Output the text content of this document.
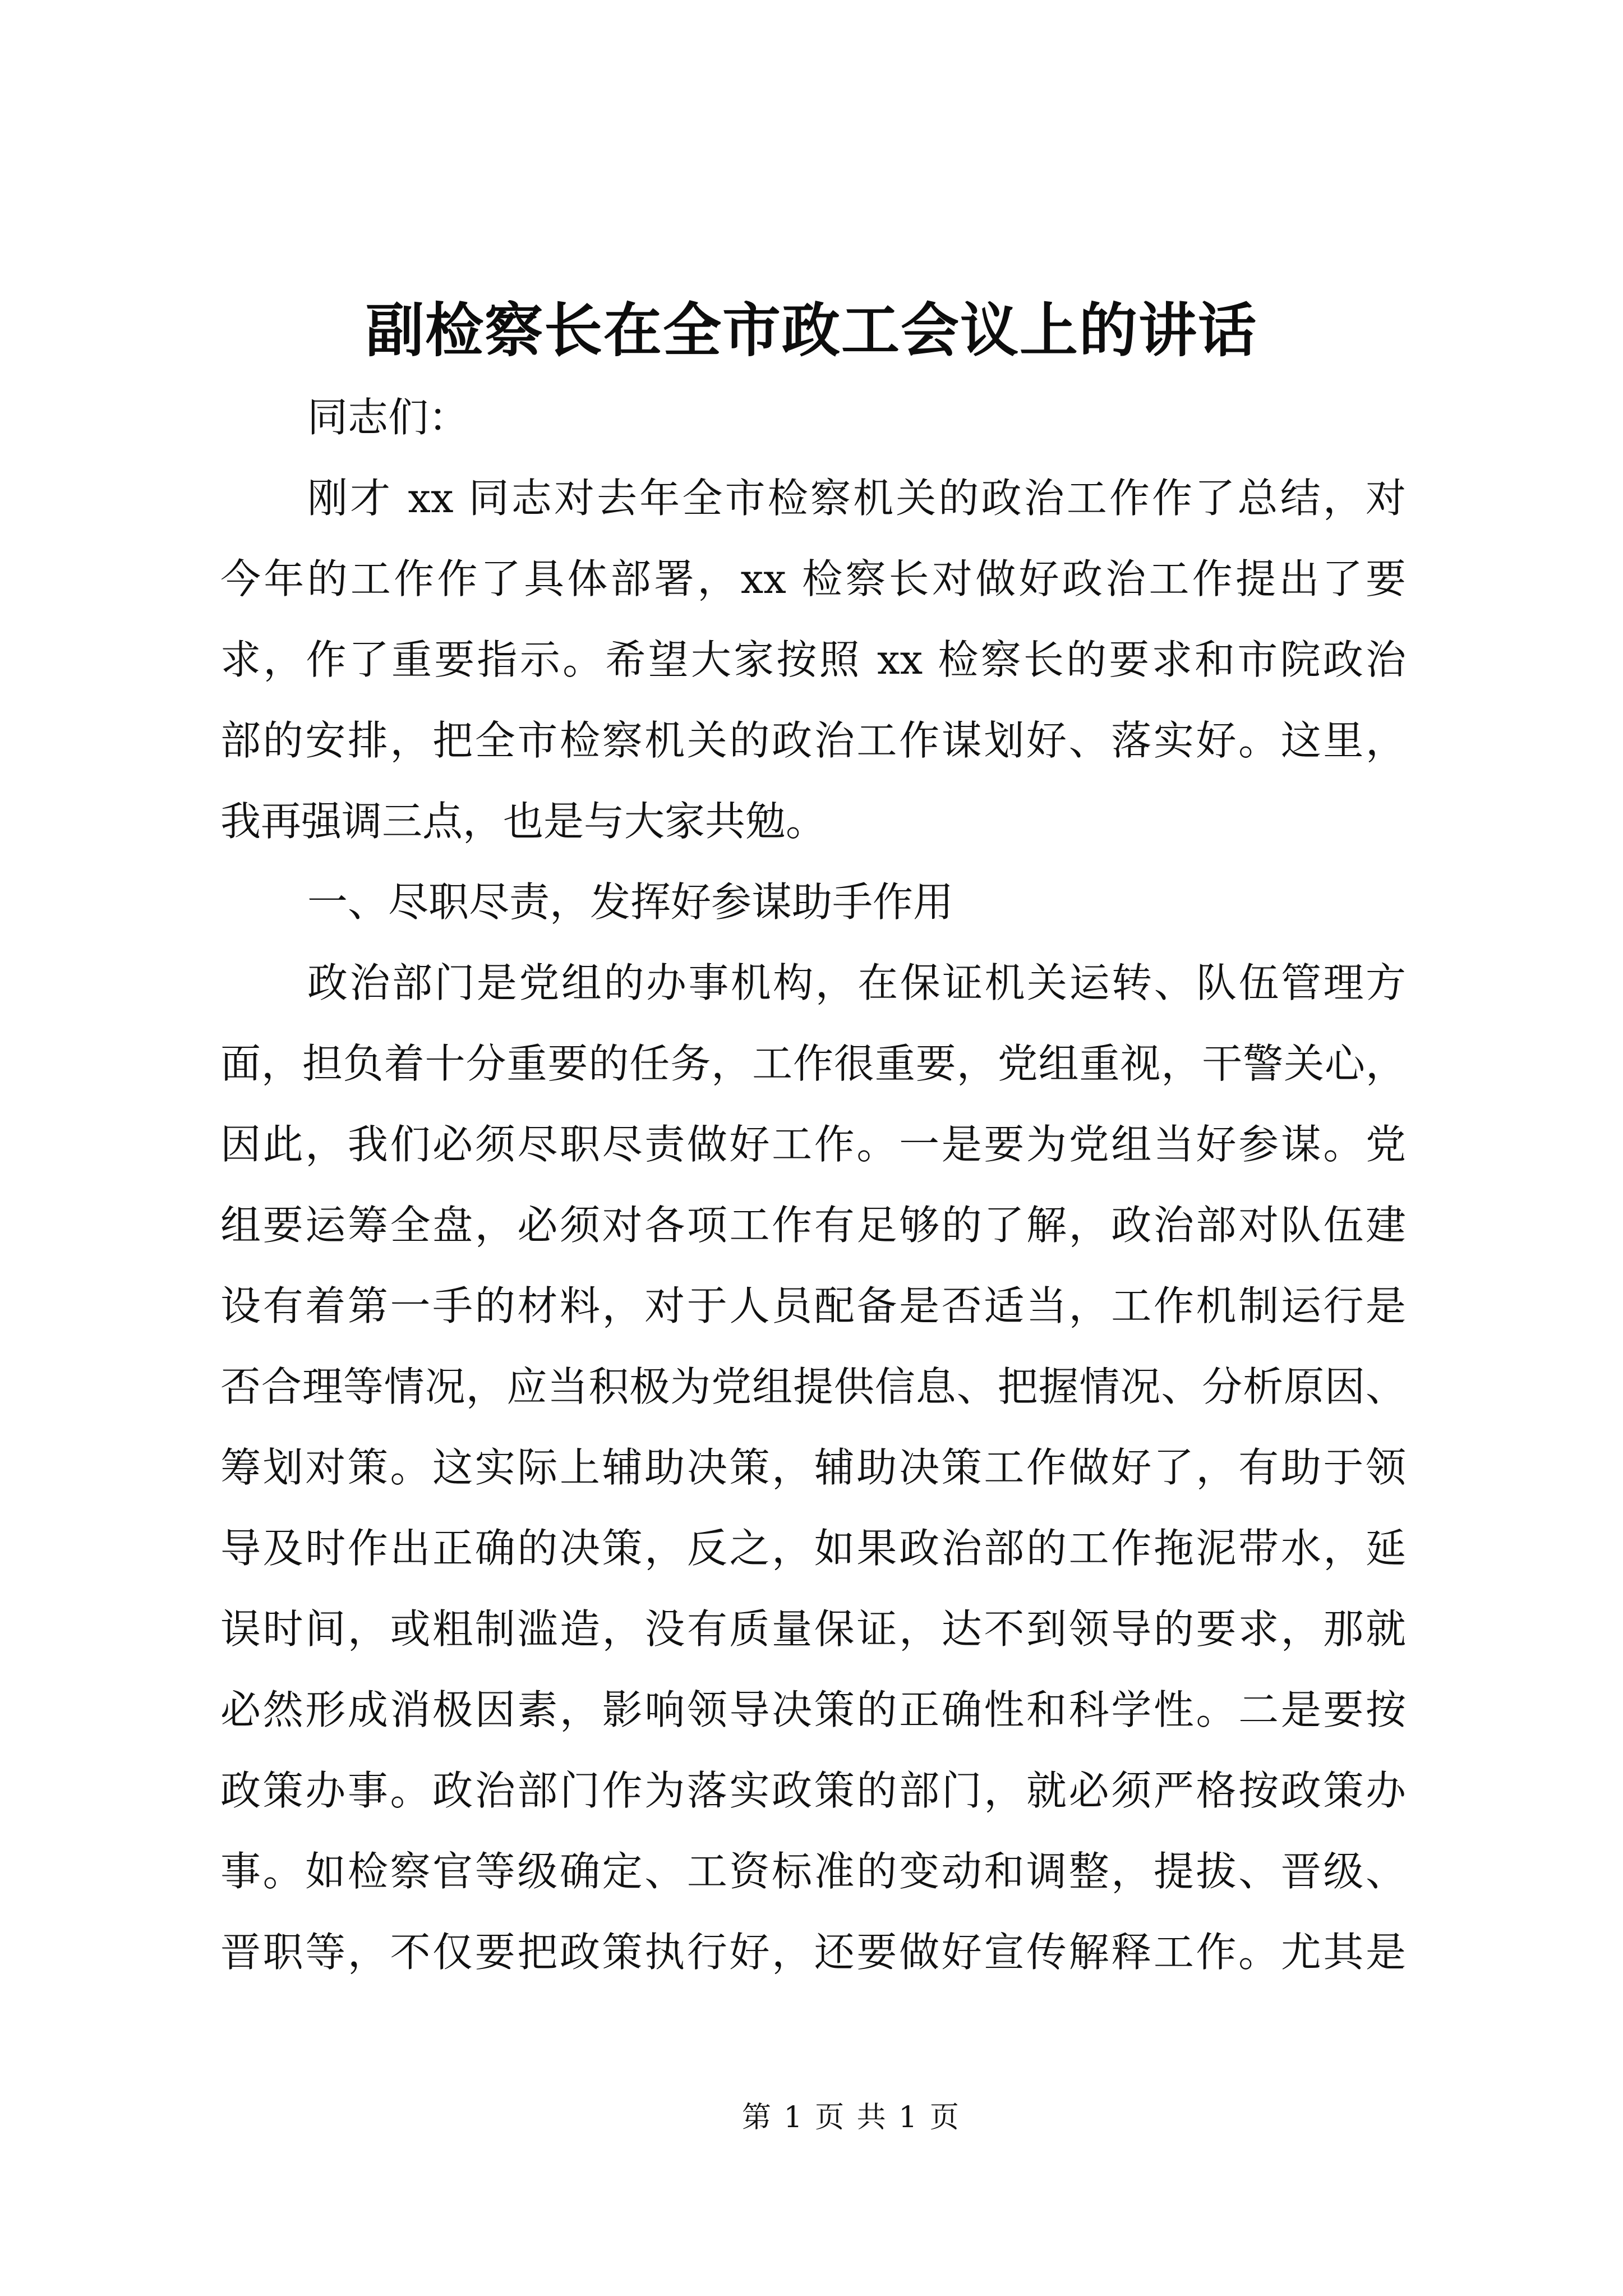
副检察长在全市政工会议上的讲话
同志们：
刚才 xx 同志对去年全市检察机关的政治工作作了总结，对
今年的工作作了具体部署，xx 检察长对做好政治工作提出了要
求，作了重要指示。希望大家按照 xx 检察长的要求和市院政治
部的安排，把全市检察机关的政治工作谋划好、落实好。这里，
我再强调三点，也是与大家共勉。
一、尽职尽责，发挥好参谋助手作用
政治部门是党组的办事机构，在保证机关运转、队伍管理方
面，担负着十分重要的任务，工作很重要，党组重视，干警关心，
因此，我们必须尽职尽责做好工作。一是要为党组当好参谋。党
组要运筹全盘，必须对各项工作有足够的了解，政治部对队伍建
设有着第一手的材料，对于人员配备是否适当，工作机制运行是
否合理等情况，应当积极为党组提供信息、把握情况、分析原因、
筹划对策。这实际上辅助决策，辅助决策工作做好了，有助于领
导及时作出正确的决策，反之，如果政治部的工作拖泥带水，延
误时间，或粗制滥造，没有质量保证，达不到领导的要求，那就
必然形成消极因素，影响领导决策的正确性和科学性。二是要按
政策办事。政治部门作为落实政策的部门，就必须严格按政策办
事。如检察官等级确定、工资标准的变动和调整，提拔、晋级、
晋职等，不仅要把政策执行好，还要做好宣传解释工作。尤其是
第 1 页 共 1 页
